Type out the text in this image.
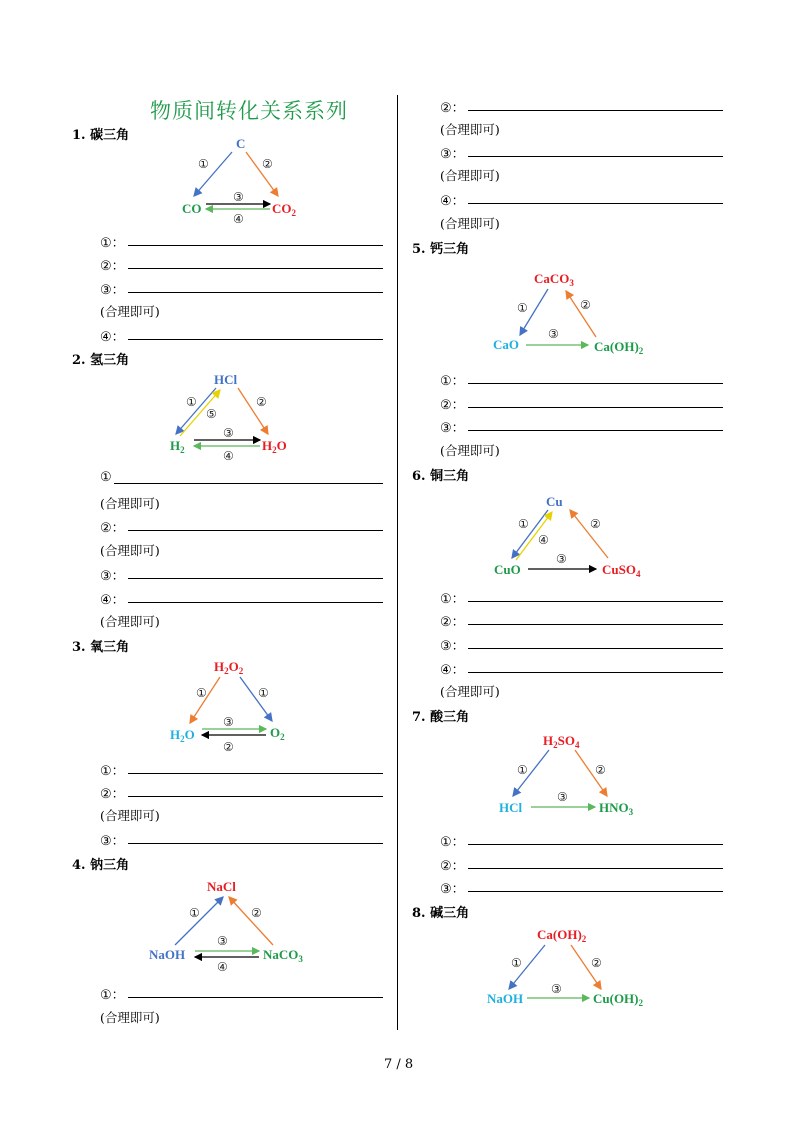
物质间转化关系系列
1. 碳三角
C
CO	$CO_2$
①	②
③
④
①：
②：
③：
(合理即可)
④：
2. 氢三角
HCl
$H_2$	$H_2O$
①
⑤
②
③
④
①
(合理即可)
②：
(合理即可)
③：
④：
(合理即可)
3. 氧三角
$H_2O_2$
$H_2O$	$O_2$
①	①
③
②
①：
②：
(合理即可)
③：
4. 钠三角
NaCl
NaOH	NaCO$_3$
①	②
③
④
①：
(合理即可)
②：
(合理即可)
③：
(合理即可)
④：
(合理即可)
5. 钙三角
CaCO$_3$
CaO	$Ca(OH)_2$
①	②
③
①：
②：
③：
(合理即可)
6. 铜三角
Cu
CuO	CuSO$_4$
①
④
②
③
①：
②：
③：
④：
(合理即可)
7. 酸三角
$H_2SO_4$
HCl	$HNO_3$
①	②
③
①：
②：
③：
8. 碱三角
$Ca(OH)_2$
NaOH	$Cu(OH)_2$
①	②
③
7 / 8
